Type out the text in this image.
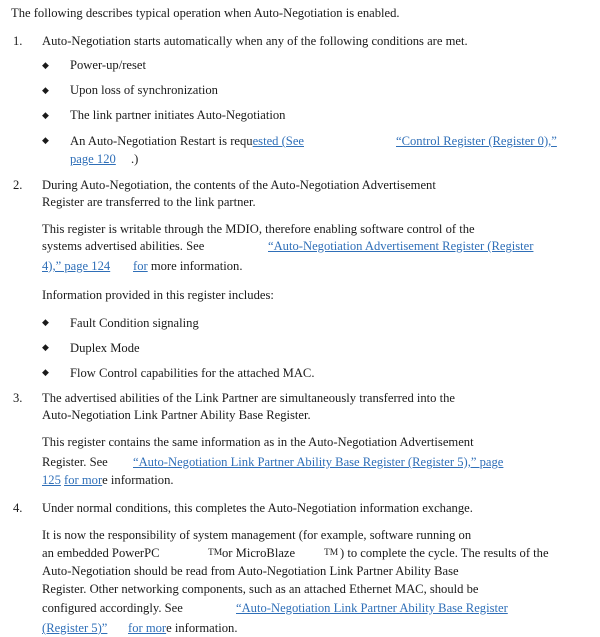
The following describes typical operation when Auto-Negotiation is enabled.
1. Auto-Negotiation starts automatically when any of the following conditions are met.
◆ Power-up/reset
◆ Upon loss of synchronization
◆ The link partner initiates Auto-Negotiation
◆ An Auto-Negotiation Restart is requested (See	“Control Register (Register 0),”
page 120 .)
2. During Auto-Negotiation, the contents of the Auto-Negotiation Advertisement
Register are transferred to the link partner.
This register is writable through the MDIO, therefore enabling software control of the
systems advertised abilities. See	“Auto-Negotiation Advertisement Register (Register
4),” page 124 for more information.
Information provided in this register includes:
◆ Fault Condition signaling
◆ Duplex Mode
◆ Flow Control capabilities for the attached MAC.
3. The advertised abilities of the Link Partner are simultaneously transferred into the
Auto-Negotiation Link Partner Ability Base Register.
This register contains the same information as in the Auto-Negotiation Advertisement
Register. See “Auto-Negotiation Link Partner Ability Base Register (Register 5),” page
125 for more information.
4. Under normal conditions, this completes the Auto-Negotiation information exchange.
It is now the responsibility of system management (for example, software running on
an embedded PowerPC	TM or MicroBlaze	TM ) to complete the cycle. The results of the
Auto-Negotiation should be read from Auto-Negotiation Link Partner Ability Base
Register. Other networking components, such as an attached Ethernet MAC, should be
configured accordingly. See	“Auto-Negotiation Link Partner Ability Base Register
(Register 5)” for more information.
